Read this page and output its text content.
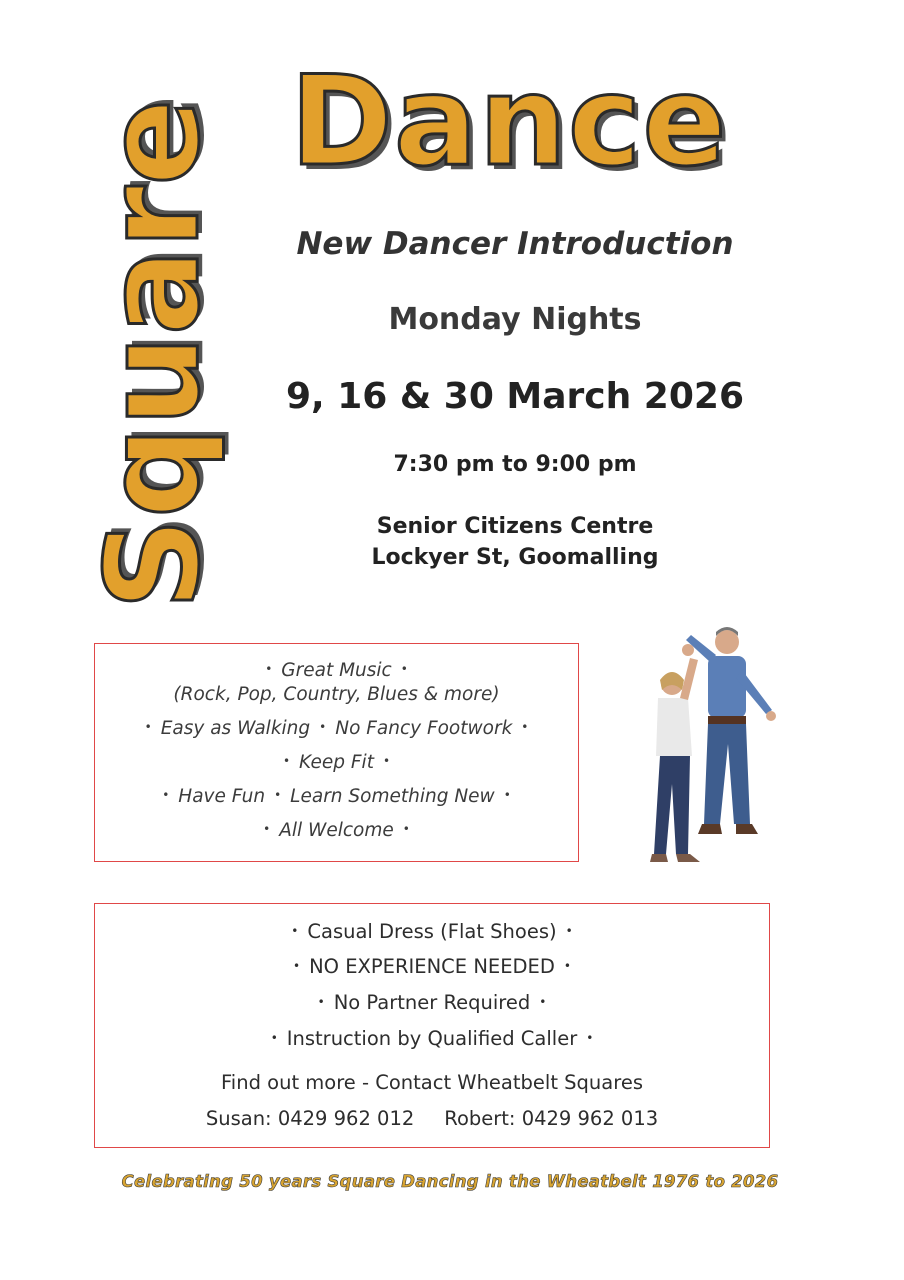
Square Dance
New Dancer Introduction
Monday Nights
9, 16 & 30 March 2026
7:30 pm to 9:00 pm
Senior Citizens Centre
Lockyer St, Goomalling
• Great Music •
(Rock, Pop, Country, Blues & more)
• Easy as Walking • No Fancy Footwork •
• Keep Fit •
• Have Fun • Learn Something New •
• All Welcome •
• Casual Dress (Flat Shoes) •
• NO EXPERIENCE NEEDED •
• No Partner Required •
• Instruction by Qualified Caller •
Find out more - Contact Wheatbelt Squares
Susan: 0429 962 012 Robert: 0429 962 013
Celebrating 50 years Square Dancing in the Wheatbelt 1976 to 2026
